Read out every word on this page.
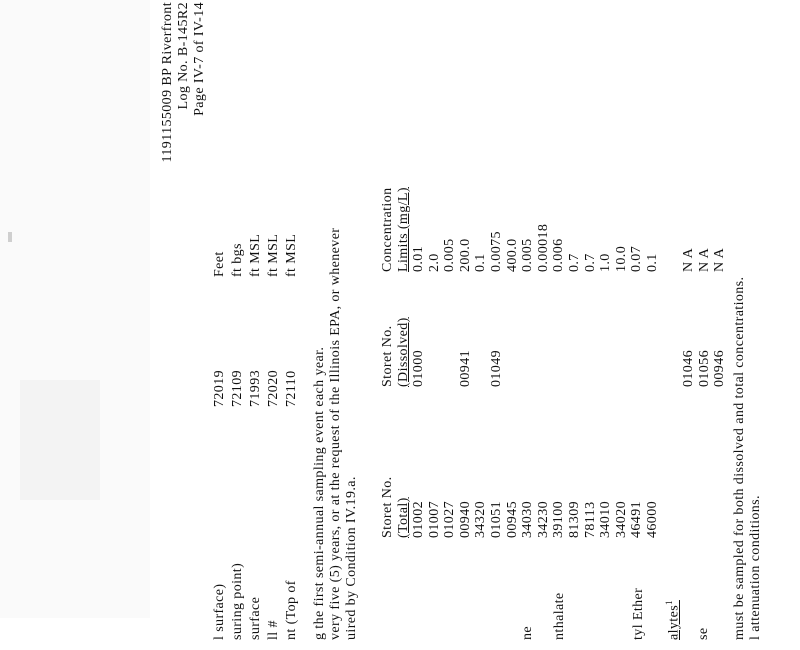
1191155009 BP Riverfront Log No. B-145R2 Page IV-7 of IV-14
l surface)
72019
Feet
suring point)
72109
ft bgs
surface
71993
ft MSL
ll #
72020
ft MSL
nt (Top of
72110
ft MSL
g the first semi-annual sampling event each year. very five (5) years, or at the request of the Illinois EPA, or whenever uired by Condition IV.19.a. Storet No. (Total)
Storet No. (Dissolved)
Concentration Limits (mg/L)
01002 01007 01027 00940 34320 01051 00945 34030 34230 39100 81309 78113 34010 34020 46491 46000
01000 00941 01049
0.01 2.0 0.005 200.0 0.1 0.0075 400.0 0.005 0.00018 0.006 0.7 0.7 1.0 10.0 0.07 0.1
ne nthalate	tyl Ether	alytes$^1$
se
01046 01056 00946
N A N A N A
must be sampled for both dissolved and total concentrations. l attenuation conditions.
